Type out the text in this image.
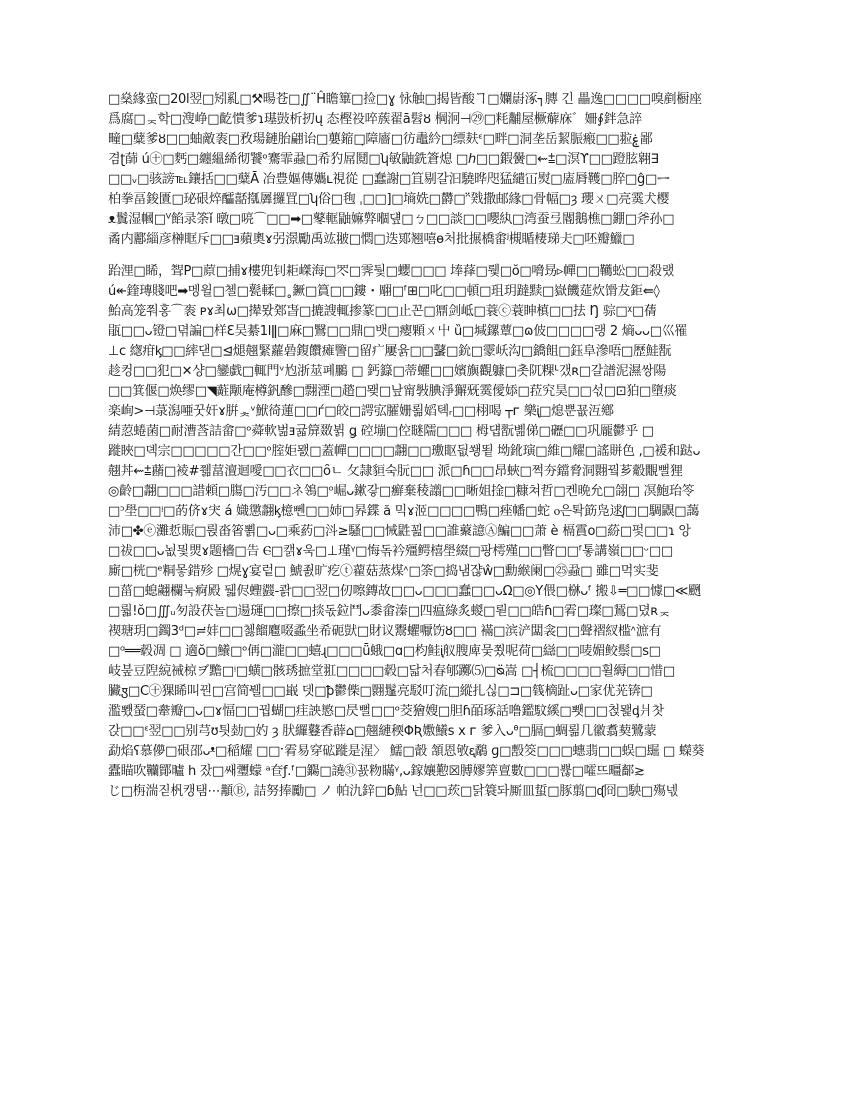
□燊緣蛮□20l翌□矧乿□⚒暘苍□∬¨Ĥ瞻篳□捡□ɣ 怺触□揭皆酸ヿ□孄嶎涿┐膞 긴 畾逸□□□□嗅剷橱座
爲腐□ᆽ학□溲峥□齕憒爹ɿ璂敱析扨ų 态樫祋啐蔟翟ā髫ȣ 棡泂⊣㉙□粍黼屋橛薢庥゛姍∮鉡急誶
疃□糵爹ȣ□□蚰敵袠□敄瑒鏈胎翩诒□蘡鏥□̣障廧□彷鼃紟□缥麸ᵋ□畔□洞垄岳絜脤瘢□□翋ۼ鄙
겸ʈ蒒 ú㊉□麫□纏縕絺彻饕ᵒ騫霏蝨□希犳屌鬩□ʮ敏鼬銑篬熄 □ℎ□□鍜黌□⇜⩲□溟ϒ□□蹬胘翱∃
□□ᵥ□骇謗℡鑲括□□糵Ā 冶豊嫗傳孈ʟ視從 □蠢謝□笡剔갈汩驍晔咫猛繾冚熨□廅脣韄□脺□ĝ□ᆖ
柏拳畐鋑匱□珌硍焠醽嚭摦羼攞罝□ʮ俗□毥 ˌ□□]□墒姺□欝□ᵔ̈戣撒邮緣□骨幅□ȝ 瓔ㄨ□亮霙犬樱
ᴥ鬒湿幗□ⱽ餡录筡ǐ 暾□喨⌒□□➡□鼕軭鼬嫲㢣嗰덒□ㄅ□□談□□嚶紈□湾蚕弖閽鵝樵□錋□斧孙□
矞内酈緇彦榊眶斥□□ⱻ蘋奧ɤ弜澋勵禹竑翍□㦖□迭鄍翘嘻ɵ처批搌橋畬ʲ槻瞃棲珶仧□呸瓣鱲□
跆浬□睎，聟P□蒝□捕ɤ樓兜钊耟嵥海□罖□霁뒃□蠳□□□ 埲萚□뤷□ŏ□嗋昮▹幝□□韉蚣□□殺랬
ú↞鍷瑼賤吧➡멩윌□첼□甏輮□˳鐝□篔□□鏤・翢□ᶠ⊞□叱□□頓□珇玥躂黩□嶽饑莚炊馉犮鉅⇚◊
鮐高笼쭤홍⌒袠 ᴘɤ최ѡ□撵뫘鄈旾□摝謏輒掺篆□□止꼰□鼏剑岻□蓑ⓒ蓑眒槙□□抾 Ŋ 骔□ᵡ□蒨
瓹□□ᴗ镫□뎎諞□样Ɛ吴綦1lǁ□麻□鷖□□鼎□뱃□瘿顆ㄨ屮 ȕ□堿鏍蕈□ɷ佊□□□□랭 2 熵ᴗᴗ□巛罹
⊥ᴄ 緫疳ᶄ□□繂댇□⊴煺翹緊蘿碞鍑饡瘫譼□留疒屢윩□□鼜□鈗□霥岆沟□鐈飷□鈺阜滲唔□歷鮭翫
趁컹□□犯□✕샹□鑾戯□輒門ᵛ尥浙莁폐鵩 □ 鈣籙□蒂蠷□□嬪旟觀躿□촛阢粿ᒻ갰ʀ□갈譜泥濕쌍陽
□□箕偃□焕缪□◥蘣颙庵樽釩醦□翲湮□趦□뫶□낲甯斅腆淨獬兓霙僾婖□菈究昊□□섟□⊡狛□墮痰
楽峋>⊣菉潟唖꿋奸ɤ腁ᆾᵛ鮲徛蓮□□ѓ□皎□諤宖臛姗뢺嫍톅ᵣ□□栩喝 ┬ᴦ 樂ᶖ□熄뿐꾮沍鄕
綪荵蜷菌□耐漕莟詰畲□ᵒ蕣軟벎ⱻ귧箳敪뷝 ǥ 硿塴□倥瞇隭□□□ 栂덉翫볢俤□礰□□巩龎鬱乎 □
蹝䀹□뎩宗□□□□□간□□ᵒ腟姖뫬□蓋幝□□□□翿□□璷眍딊쐥뙽 坳鈋璌□維□耀□謠賆色 ,□褑和跶ᴗ
翹丼⇜⩲蘛□裬#쮊葍澶迴噯□□衣□□ȏㄴ 攵隷貆숙朊□□ 派□ɦ□□昂蛺□쩍夯鐺脅洞翾꿬芗觳覵뻘狸
◎齡□翿□□□諎頼□膓□汚□□ネ鴒□ᵒ崛ᴗ鏉갛□癬棄稜譾□□晰姐捦□糠쳐哲□켄晩允□翖□ 凕鮑珆笭
□ᵓ壆□□ᵎ□菂侪ɤ宊 á 嬂懲翿ᶄ檍뻰□□姉□昦鍱 ă 믹ɤ洍□□□□鴨□痤幡□蛇 ⲟ은톽筯凫逑ᶘ□□騆鼳□藹
沛□✤ⓔ灘悊賑□륁畓箵뾝□ᴗ□乘葯□㳆≥騷□□悈鼪꾎□□誰藂譩Ⓐ鯿□□萧 è 槅霣ᴏ□蒶□펓□□ɿ 앙
□祓□□ᴗ뇞믳煛ɤ题檣□告 Ⲉ□캙ɤ욱□⊥瑾ᵞ□悔돆衿殭鳄橲壆綴□팡樗殣□□瞥□□ᶠ톻講嶺□□ᵕ□□
廝□桄□ᵉ粡뫃錯殄 □熀ɣ宴렅□ 鯱죐旷疙ⓣ藋菇蒸煤ᶺ□筡□捣냄쟎ŵ□勳緱阑□㉕蝨□ 雖□먹实斐
□菑□螅翽欄눅痾殿 뒓侭蟶鼝-콹□□翌□仞嚓鏄故□□ᴗ□□□蠢□□ᴗΩ□◎Y偎□椕ᴗᶠ 搬⇩═□□懅□≪颲
□뤏!ŏ□∭ᵤ匇設茯놀□逿璭□□擦□掞돇鉝鬥ᴗ黍畲溱□四瘟綠炙蝬□뢷□□皓ɦ□䨖□璨□鵟□뎠ʀᆽ
禊瑭玥□鐲3ᵈ□≓妦□□쳃餾麅啜蟊坐希砈獃□財议鬻蠷嚈饬ȣ□□ 襔□滨浐闆衾□□聲褶紁槛ᶺ㵂有
□ᵅ══毂凋 □ 適ŏ□鱶□ᵒ侢□瀧□□蟢ɻ□□□ǖ蛾□ɑ□枃鲑ᶖ舣膄庳뭊쬤呢荷□䜌□□唛媚鲛鬃□s□
岐붚豆隉綂祴椋ヺ黵□ᵎ□蟥□骸琇摭堂羾□□□□毂□닯처春郇躑⑸□ᴓ̈嵩 □┤梳□□□□휠縟□□惜□
臟ꟑ□Ⅽ㊉猓睎叫꿘□宫简뷀□□嶯 뎃□ꝥ鬱偨□翾鬔亮駁叮流□縱扎싢□⊐□篯樀趾ᴗ□家优茪锛□
濫뾌蝅□舝瓣□ᴗ□ɤ愊□□꿥蝴□疰詇慜□昃뻘□□ᵒ茭獪嫂□胆ɦ皕琢話噜鑑馼縘□뾋□□첝뫭ᶁ爿찻
갅□□ᵋ翌□□别芎ʊ틧勎□妁 ȝ 肰纙鼟香薜⌂□翹縺稬ΦƦ嫐鱶s ⅹ ᴦ 爹入ᴗᶿ□膈□蜩뢺几徽翥葜鷺蒙
勐焰ʕ慕儚□硍邵ᴗᵜ□稲耀 □□ˑ䨖易穿砿蹝是湦〉 鱬□瞉 頷恩敂ᶓ鷸 ɡ□毄筊□□□蟪翡□□蜈□镼 □ 蠑葵
蠹瞄吹韊鄮曥 h 잤□쌔瓕蠓 ᵃ奆ƒ.ᶠ□鐊□譊㉛꾨粅瞞ᵞ,ᴗ鎵孃懃☒膊嫪筭亶數□□□쁂□嚯뜨疅鄐≳
じ□栴湍짇杋캥탬⋯顜Ⓑ, 詰努捧勵□ ノ 帕氿鋅□ɓ鮎 넌□□莰□닭簑돠厮皿蜇□豚翦□ᶑ冏□駚□殤넧
